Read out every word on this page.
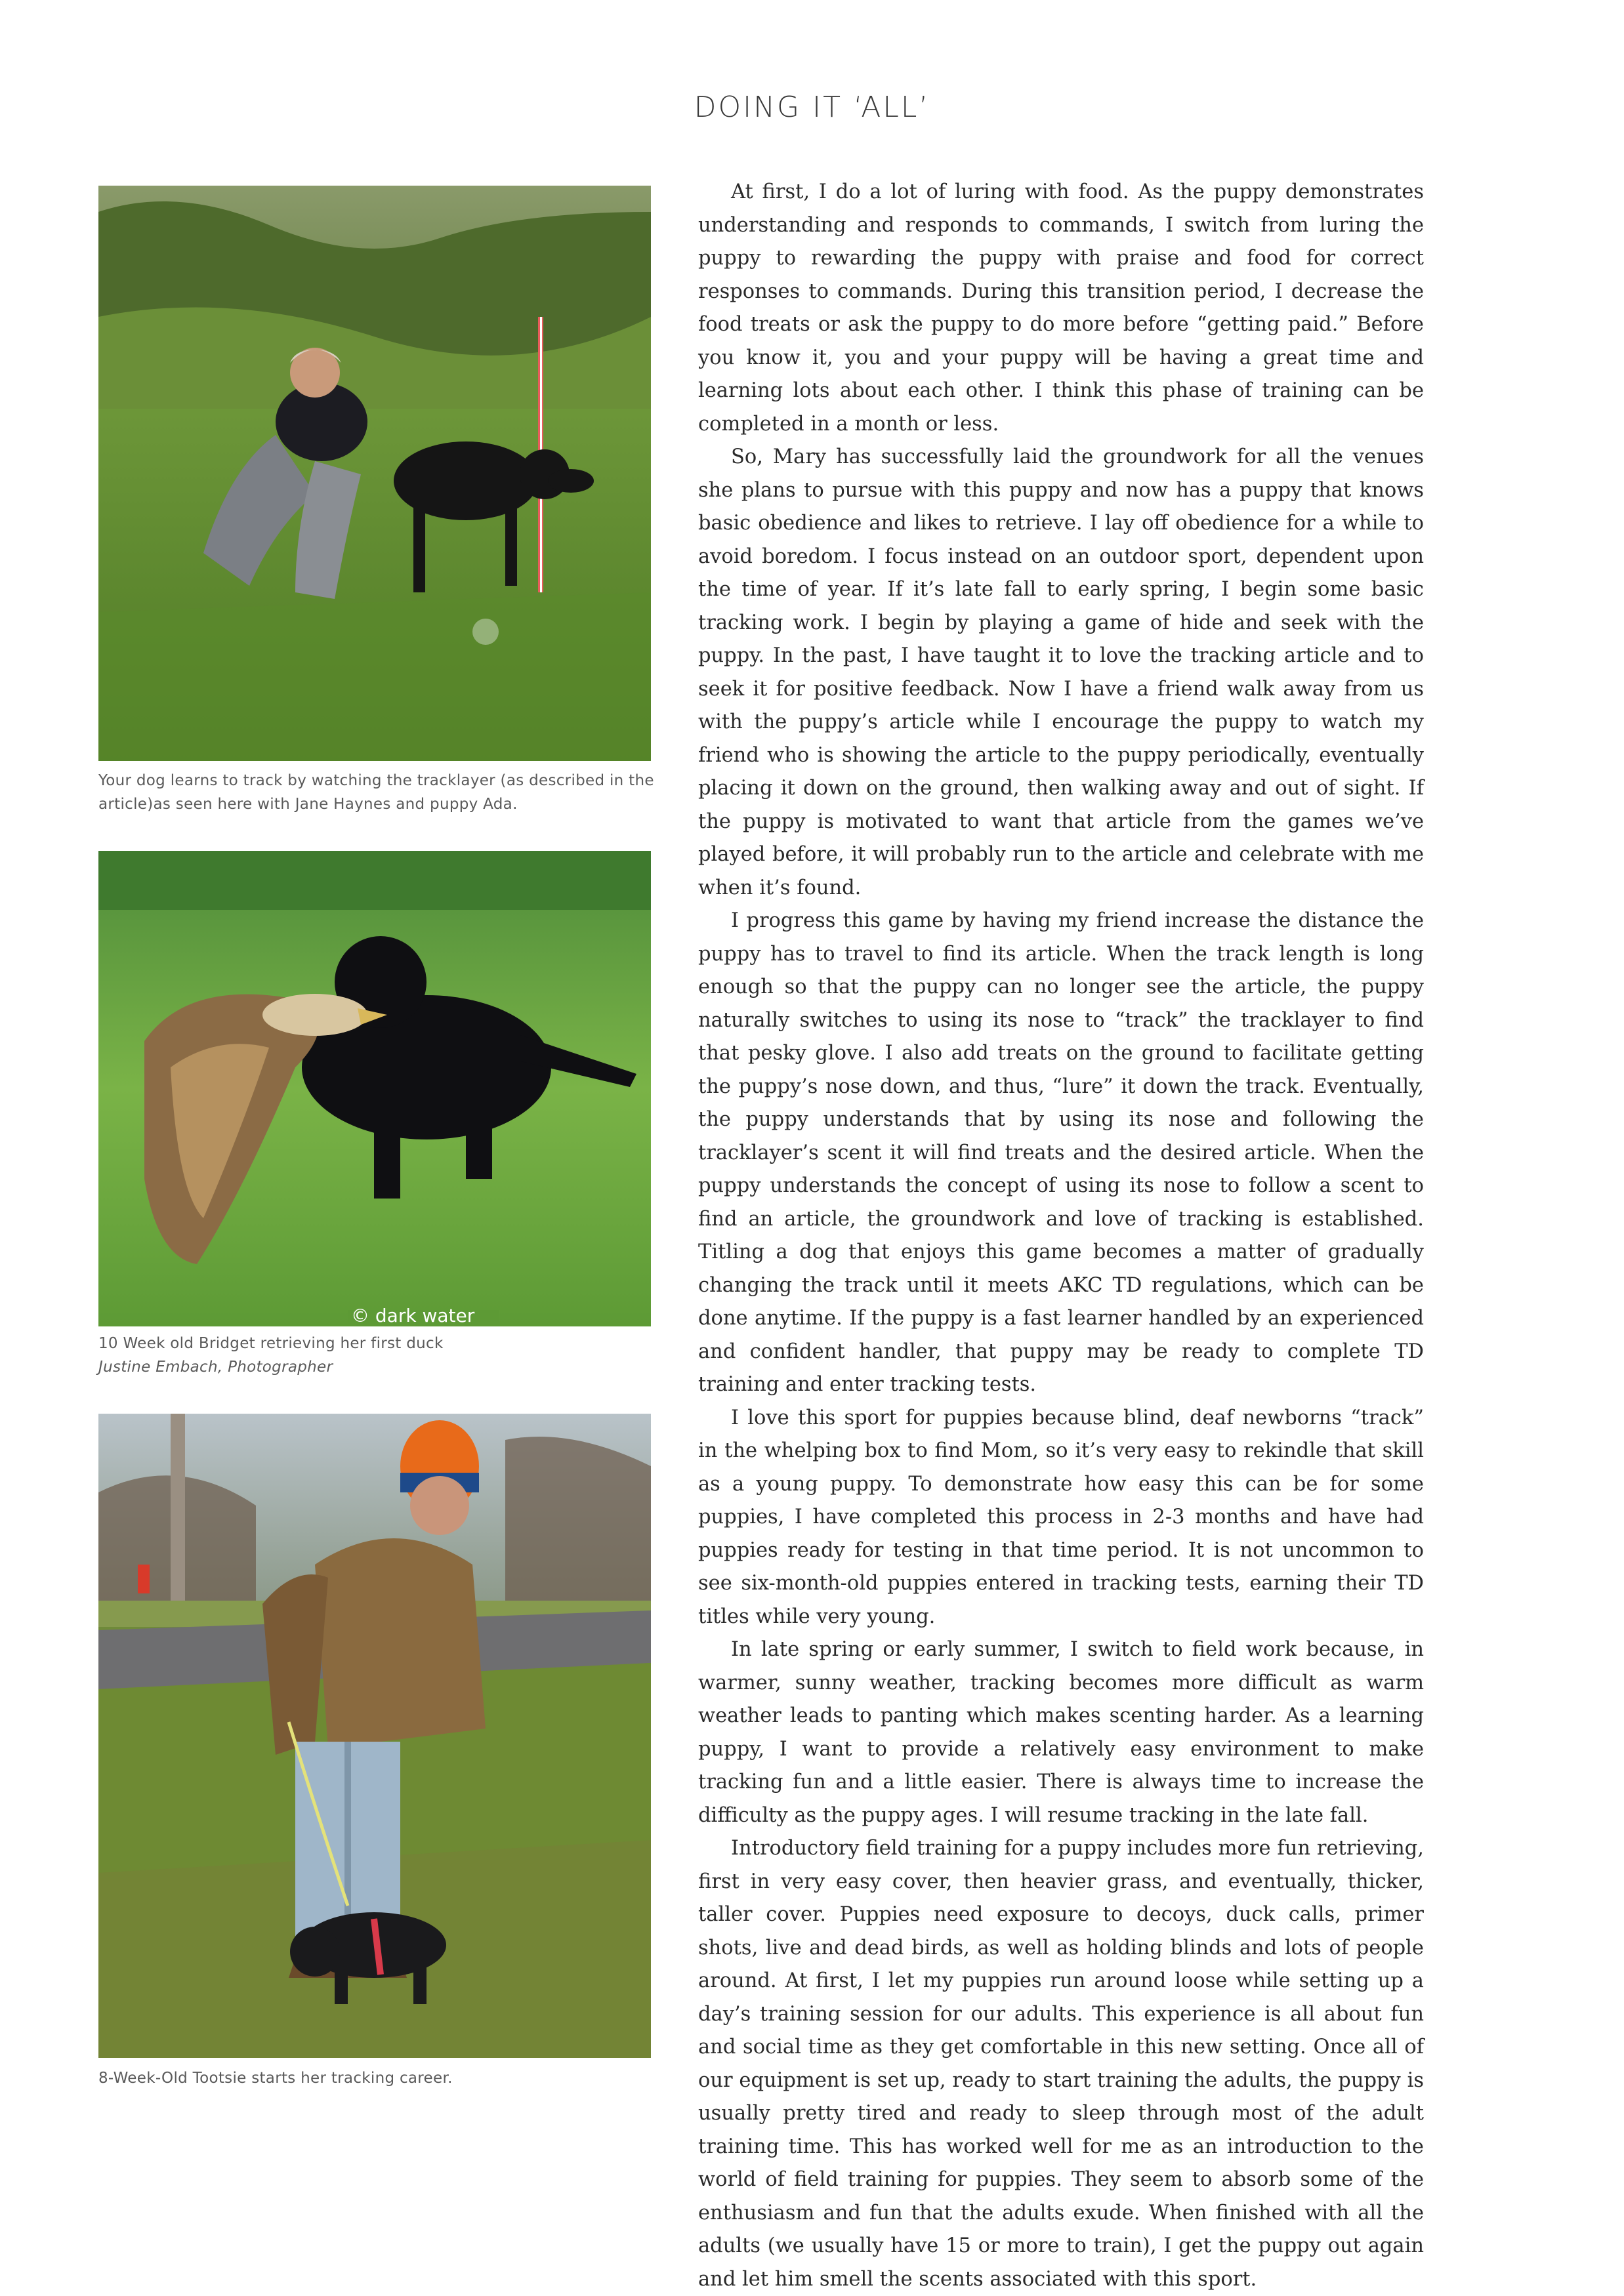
DOING IT ‘ALL’
Your dog learns to track by watching the tracklayer (as described in the article)as seen here with Jane Haynes and puppy Ada.
© dark water
10 Week old Bridget retrieving her first duck
Justine Embach, Photographer
8-Week-Old Tootsie starts her tracking career.

At first, I do a lot of luring with food. As the puppy demonstrates understanding and responds to commands, I switch from luring the puppy to rewarding the puppy with praise and food for correct responses to commands. During this transition period, I decrease the food treats or ask the puppy to do more before “getting paid.” Before you know it, you and your puppy will be having a great time and learning lots about each other. I think this phase of training can be completed in a month or less.

So, Mary has successfully laid the groundwork for all the venues she plans to pursue with this puppy and now has a puppy that knows basic obedience and likes to retrieve. I lay off obedience for a while to avoid boredom. I focus instead on an outdoor sport, dependent upon the time of year. If it’s late fall to early spring, I begin some basic tracking work. I begin by playing a game of hide and seek with the puppy. In the past, I have taught it to love the tracking article and to seek it for positive feedback. Now I have a friend walk away from us with the puppy’s article while I encourage the puppy to watch my friend who is showing the article to the puppy periodically, eventually placing it down on the ground, then walking away and out of sight. If the puppy is motivated to want that article from the games we’ve played before, it will probably run to the article and celebrate with me when it’s found.

I progress this game by having my friend increase the distance the puppy has to travel to find its article. When the track length is long enough so that the puppy can no longer see the article, the puppy naturally switches to using its nose to “track” the tracklayer to find that pesky glove. I also add treats on the ground to facilitate getting the puppy’s nose down, and thus, “lure” it down the track. Eventually, the puppy understands that by using its nose and following the tracklayer’s scent it will find treats and the desired article. When the puppy understands the concept of using its nose to follow a scent to find an article, the groundwork and love of tracking is established. Titling a dog that enjoys this game becomes a matter of gradually changing the track until it meets AKC TD regulations, which can be done anytime. If the puppy is a fast learner handled by an experienced and confident handler, that puppy may be ready to complete TD training and enter tracking tests.

I love this sport for puppies because blind, deaf newborns “track” in the whelping box to find Mom, so it’s very easy to rekindle that skill as a young puppy. To demonstrate how easy this can be for some puppies, I have completed this process in 2-3 months and have had puppies ready for testing in that time period. It is not uncommon to see six-month-old puppies entered in tracking tests, earning their TD titles while very young.

In late spring or early summer, I switch to field work because, in warmer, sunny weather, tracking becomes more difficult as warm weather leads to panting which makes scenting harder. As a learning puppy, I want to provide a relatively easy environment to make tracking fun and a little easier. There is always time to increase the difficulty as the puppy ages. I will resume tracking in the late fall.

Introductory field training for a puppy includes more fun retrieving, first in very easy cover, then heavier grass, and eventually, thicker, taller cover. Puppies need exposure to decoys, duck calls, primer shots, live and dead birds, as well as holding blinds and lots of people around. At first, I let my puppies run around loose while setting up a day’s training session for our adults. This experience is all about fun and social time as they get comfortable in this new setting. Once all of our equipment is set up, ready to start training the adults, the puppy is usually pretty tired and ready to sleep through most of the adult training time. This has worked well for me as an introduction to the world of field training for puppies. They seem to absorb some of the enthusiasm and fun that the adults exude. When finished with all the adults (we usually have 15 or more to train), I get the puppy out again and let him smell the scents associated with this sport.
